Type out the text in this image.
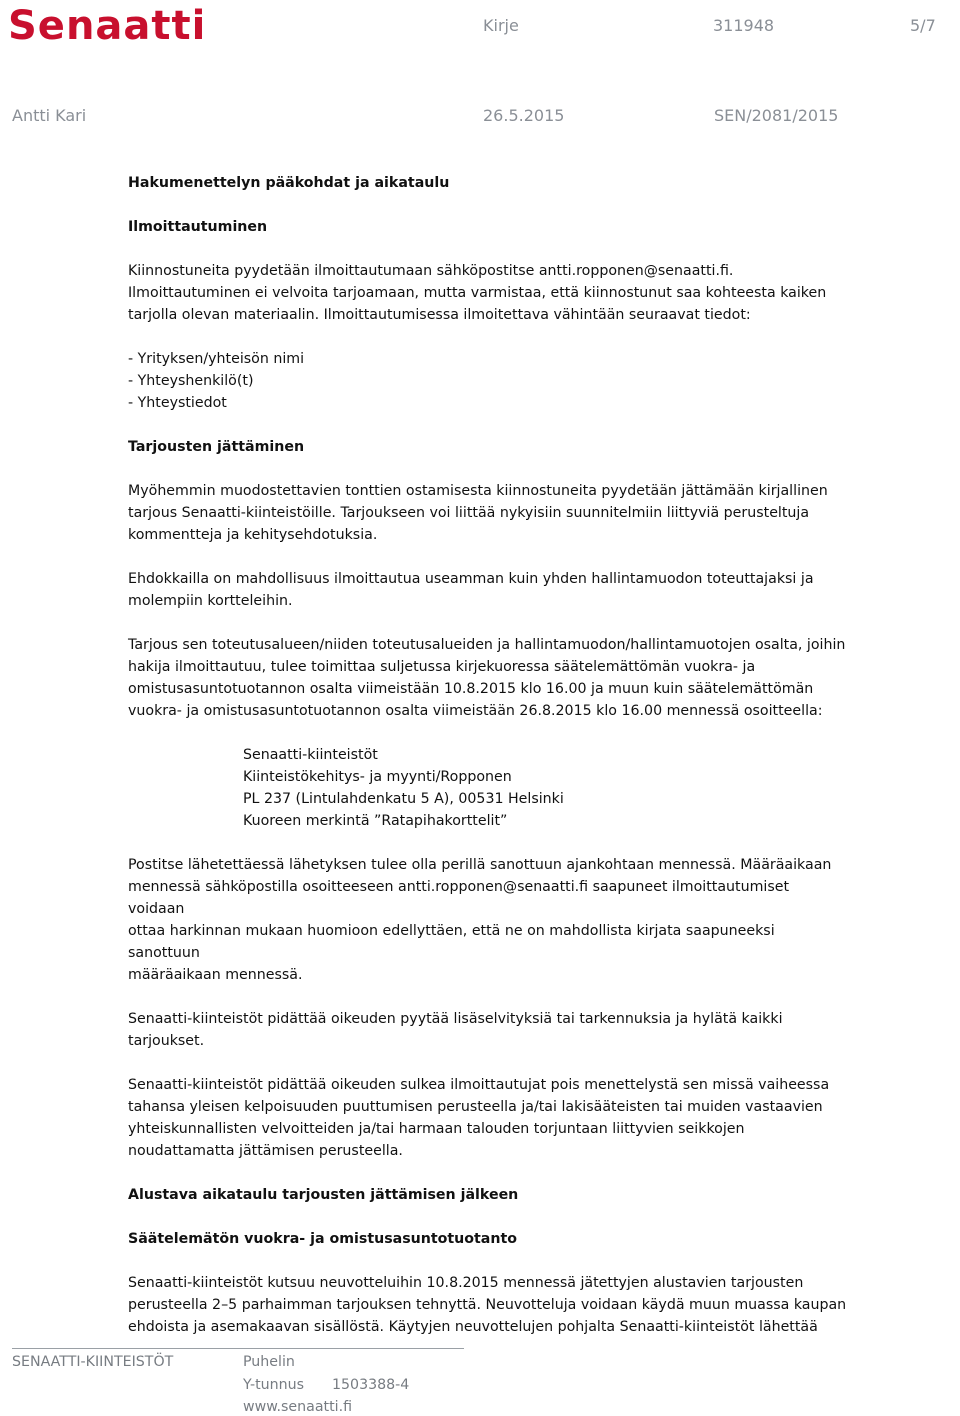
Senaatti	Kirje	311948	5/7
Antti Kari	26.5.2015	SEN/2081/2015

Hakumenettelyn pääkohdat ja aikataulu

Ilmoittautuminen

Kiinnostuneita pyydetään ilmoittautumaan sähköpostitse antti.ropponen@senaatti.fi.

Ilmoittautuminen ei velvoita tarjoamaan, mutta varmistaa, että kiinnostunut saa kohteesta kaiken

tarjolla olevan materiaalin. Ilmoittautumisessa ilmoitettava vähintään seuraavat tiedot:

- Yrityksen/yhteisön nimi

- Yhteyshenkilö(t)

- Yhteystiedot

Tarjousten jättäminen

Myöhemmin muodostettavien tonttien ostamisesta kiinnostuneita pyydetään jättämään kirjallinen

tarjous Senaatti-kiinteistöille. Tarjoukseen voi liittää nykyisiin suunnitelmiin liittyviä perusteltuja

kommentteja ja kehitysehdotuksia.

Ehdokkailla on mahdollisuus ilmoittautua useamman kuin yhden hallintamuodon toteuttajaksi ja

molempiin kortteleihin.

Tarjous sen toteutusalueen/niiden toteutusalueiden ja hallintamuodon/hallintamuotojen osalta, joihin

hakija ilmoittautuu, tulee toimittaa suljetussa kirjekuoressa säätelemättömän vuokra- ja

omistusasuntotuotannon osalta viimeistään 10.8.2015 klo 16.00 ja muun kuin säätelemättömän

vuokra- ja omistusasuntotuotannon osalta viimeistään 26.8.2015 klo 16.00 mennessä osoitteella:

Senaatti-kiinteistöt

Kiinteistökehitys- ja myynti/Ropponen

PL 237 (Lintulahdenkatu 5 A), 00531 Helsinki

Kuoreen merkintä ”Ratapihakorttelit”

Postitse lähetettäessä lähetyksen tulee olla perillä sanottuun ajankohtaan mennessä. Määräaikaan

mennessä sähköpostilla osoitteeseen antti.ropponen@senaatti.fi saapuneet ilmoittautumiset voidaan

ottaa harkinnan mukaan huomioon edellyttäen, että ne on mahdollista kirjata saapuneeksi sanottuun

määräaikaan mennessä.

Senaatti-kiinteistöt pidättää oikeuden pyytää lisäselvityksiä tai tarkennuksia ja hylätä kaikki tarjoukset.

Senaatti-kiinteistöt pidättää oikeuden sulkea ilmoittautujat pois menettelystä sen missä vaiheessa

tahansa yleisen kelpoisuuden puuttumisen perusteella ja/tai lakisääteisten tai muiden vastaavien

yhteiskunnallisten velvoitteiden ja/tai harmaan talouden torjuntaan liittyvien seikkojen

noudattamatta jättämisen perusteella.

Alustava aikataulu tarjousten jättämisen jälkeen

Säätelemätön vuokra- ja omistusasuntotuotanto

Senaatti-kiinteistöt kutsuu neuvotteluihin 10.8.2015 mennessä jätettyjen alustavien tarjousten

perusteella 2–5 parhaimman tarjouksen tehnyttä. Neuvotteluja voidaan käydä muun muassa kaupan

ehdoista ja asemakaavan sisällöstä. Käytyjen neuvottelujen pohjalta Senaatti-kiinteistöt lähettää

SENAATTI-KIINTEISTÖT	Puhelin
Y-tunnus 1503388-4
www.senaatti.fi
